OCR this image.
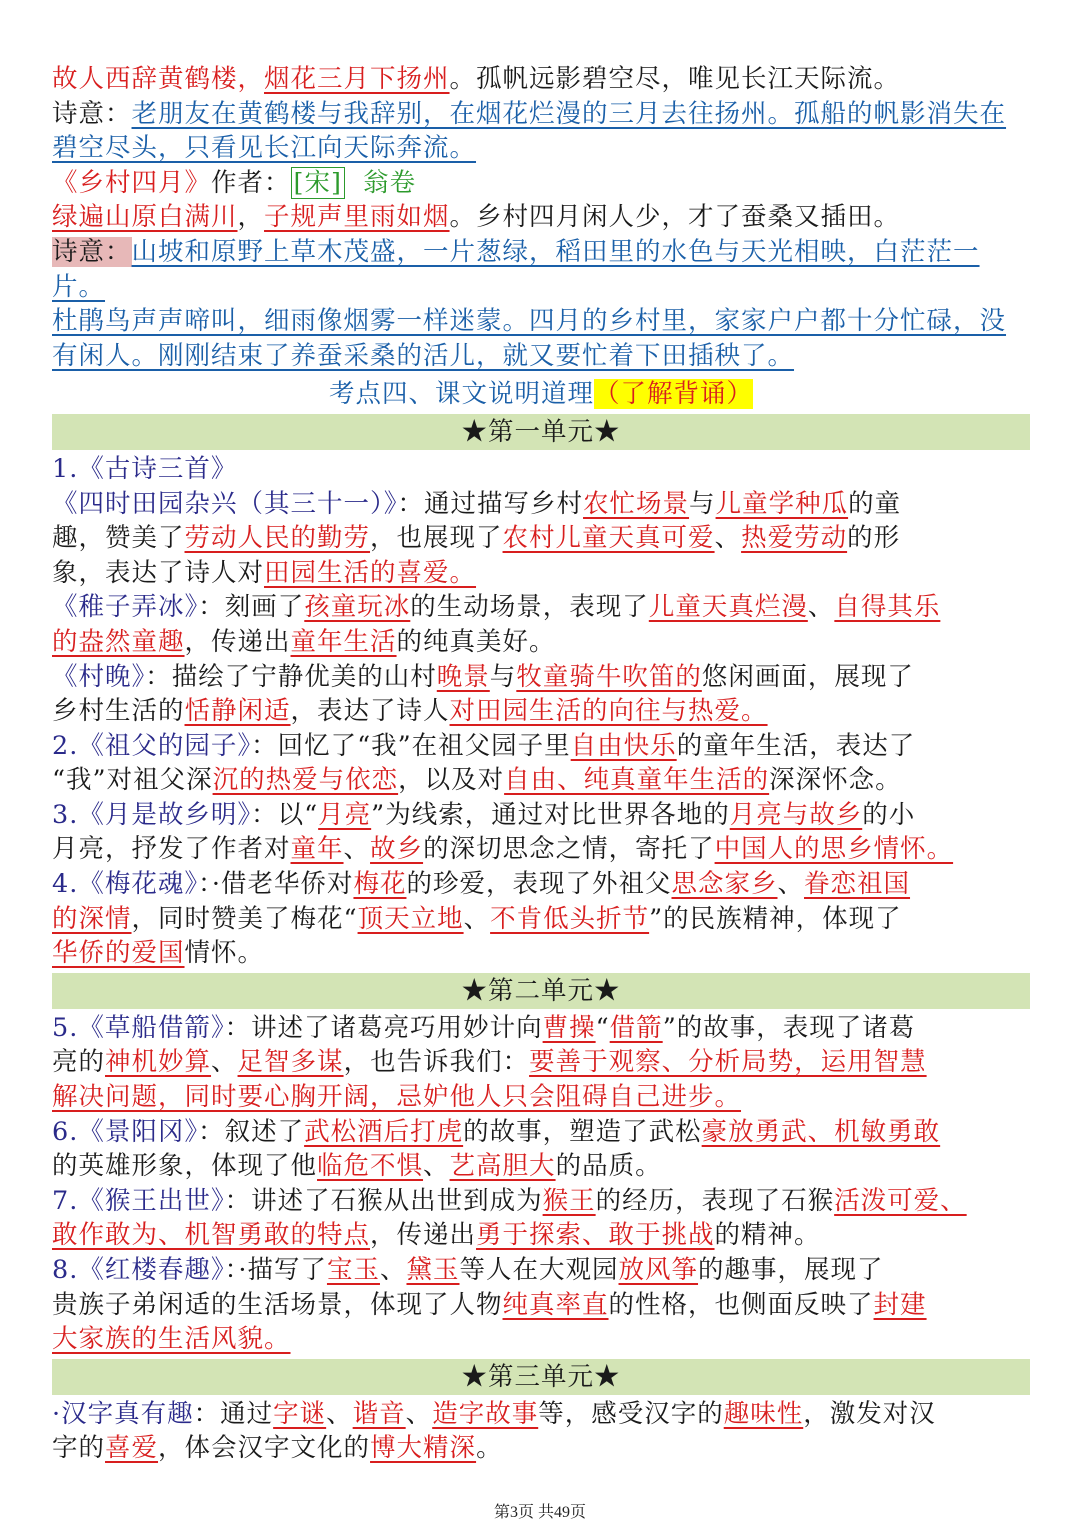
故人西辞黄鹤楼，烟花三月下扬州。孤帆远影碧空尽，唯见长江天际流。
诗意：老朋友在黄鹤楼与我辞别，在烟花烂漫的三月去往扬州。孤船的帆影消失在
碧空尽头，只看见长江向天际奔流。
《乡村四月》作者： [宋] 翁卷
绿遍山原白满川，子规声里雨如烟。乡村四月闲人少，才了蚕桑又插田。
诗意：山坡和原野上草木茂盛，一片葱绿，稻田里的水色与天光相映，白茫茫一片。
杜鹃鸟声声啼叫，细雨像烟雾一样迷蒙。四月的乡村里，家家户户都十分忙碌，没
有闲人。刚刚结束了养蚕采桑的活儿，就又要忙着下田插秧了。
考点四、课文说明道理（了解背诵）
★第一单元★
1.《古诗三首》
《四时田园杂兴（其三十一）》：通过描写乡村农忙场景与儿童学种瓜的童
趣，赞美了劳动人民的勤劳，也展现了农村儿童天真可爱、热爱劳动的形
象，表达了诗人对田园生活的喜爱。
《稚子弄冰》：刻画了孩童玩冰的生动场景，表现了儿童天真烂漫、自得其乐
的盎然童趣，传递出童年生活的纯真美好。
《村晚》：描绘了宁静优美的山村晚景与牧童骑牛吹笛的悠闲画面，展现了
乡村生活的恬静闲适，表达了诗人对田园生活的向往与热爱。
2.《祖父的园子》：回忆了“我”在祖父园子里自由快乐的童年生活，表达了
“我”对祖父深沉的热爱与依恋，以及对自由、纯真童年生活的深深怀念。
3.《月是故乡明》：以“月亮”为线索，通过对比世界各地的月亮与故乡的小
月亮，抒发了作者对童年、故乡的深切思念之情，寄托了中国人的思乡情怀。
4.《梅花魂》：·借老华侨对梅花的珍爱，表现了外祖父思念家乡、眷恋祖国
的深情，同时赞美了梅花“顶天立地、不肯低头折节”的民族精神，体现了
华侨的爱国情怀。
★第二单元★
5.《草船借箭》：讲述了诸葛亮巧用妙计向曹操“借箭”的故事，表现了诸葛
亮的神机妙算、足智多谋，也告诉我们：要善于观察、分析局势，运用智慧
解决问题，同时要心胸开阔，忌妒他人只会阻碍自己进步。
6.《景阳冈》：叙述了武松酒后打虎的故事，塑造了武松豪放勇武、机敏勇敢
的英雄形象，体现了他临危不惧、艺高胆大的品质。
7.《猴王出世》：讲述了石猴从出世到成为猴王的经历，表现了石猴活泼可爱、
敢作敢为、机智勇敢的特点，传递出勇于探索、敢于挑战的精神。
8.《红楼春趣》：·描写了宝玉、黛玉等人在大观园放风筝的趣事，展现了
贵族子弟闲适的生活场景，体现了人物纯真率直的性格，也侧面反映了封建
大家族的生活风貌。
★第三单元★
·汉字真有趣：通过字谜、谐音、造字故事等，感受汉字的趣味性，激发对汉
字的喜爱，体会汉字文化的博大精深。
第3页 共49页
